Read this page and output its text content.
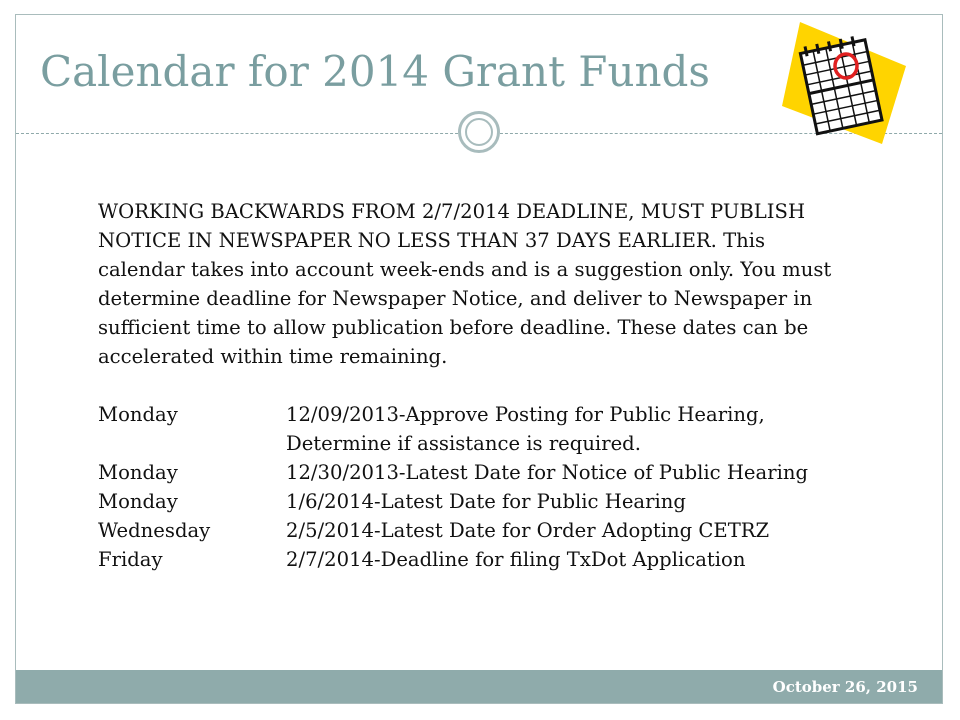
Calendar for 2014 Grant Funds
WORKING BACKWARDS FROM 2/7/2014 DEADLINE, MUST PUBLISH
NOTICE IN NEWSPAPER NO LESS THAN 37 DAYS EARLIER. This
calendar takes into account week-ends and is a suggestion only. You must
determine deadline for Newspaper Notice, and deliver to Newspaper in
sufficient time to allow publication before deadline. These dates can be
accelerated within time remaining.
Monday	12/09/2013-Approve Posting for Public Hearing,
Determine if assistance is required.
Monday	12/30/2013-Latest Date for Notice of Public Hearing
Monday	1/6/2014-Latest Date for Public Hearing
Wednesday	2/5/2014-Latest Date for Order Adopting CETRZ
Friday	2/7/2014-Deadline for filing TxDot Application
October 26, 2015
